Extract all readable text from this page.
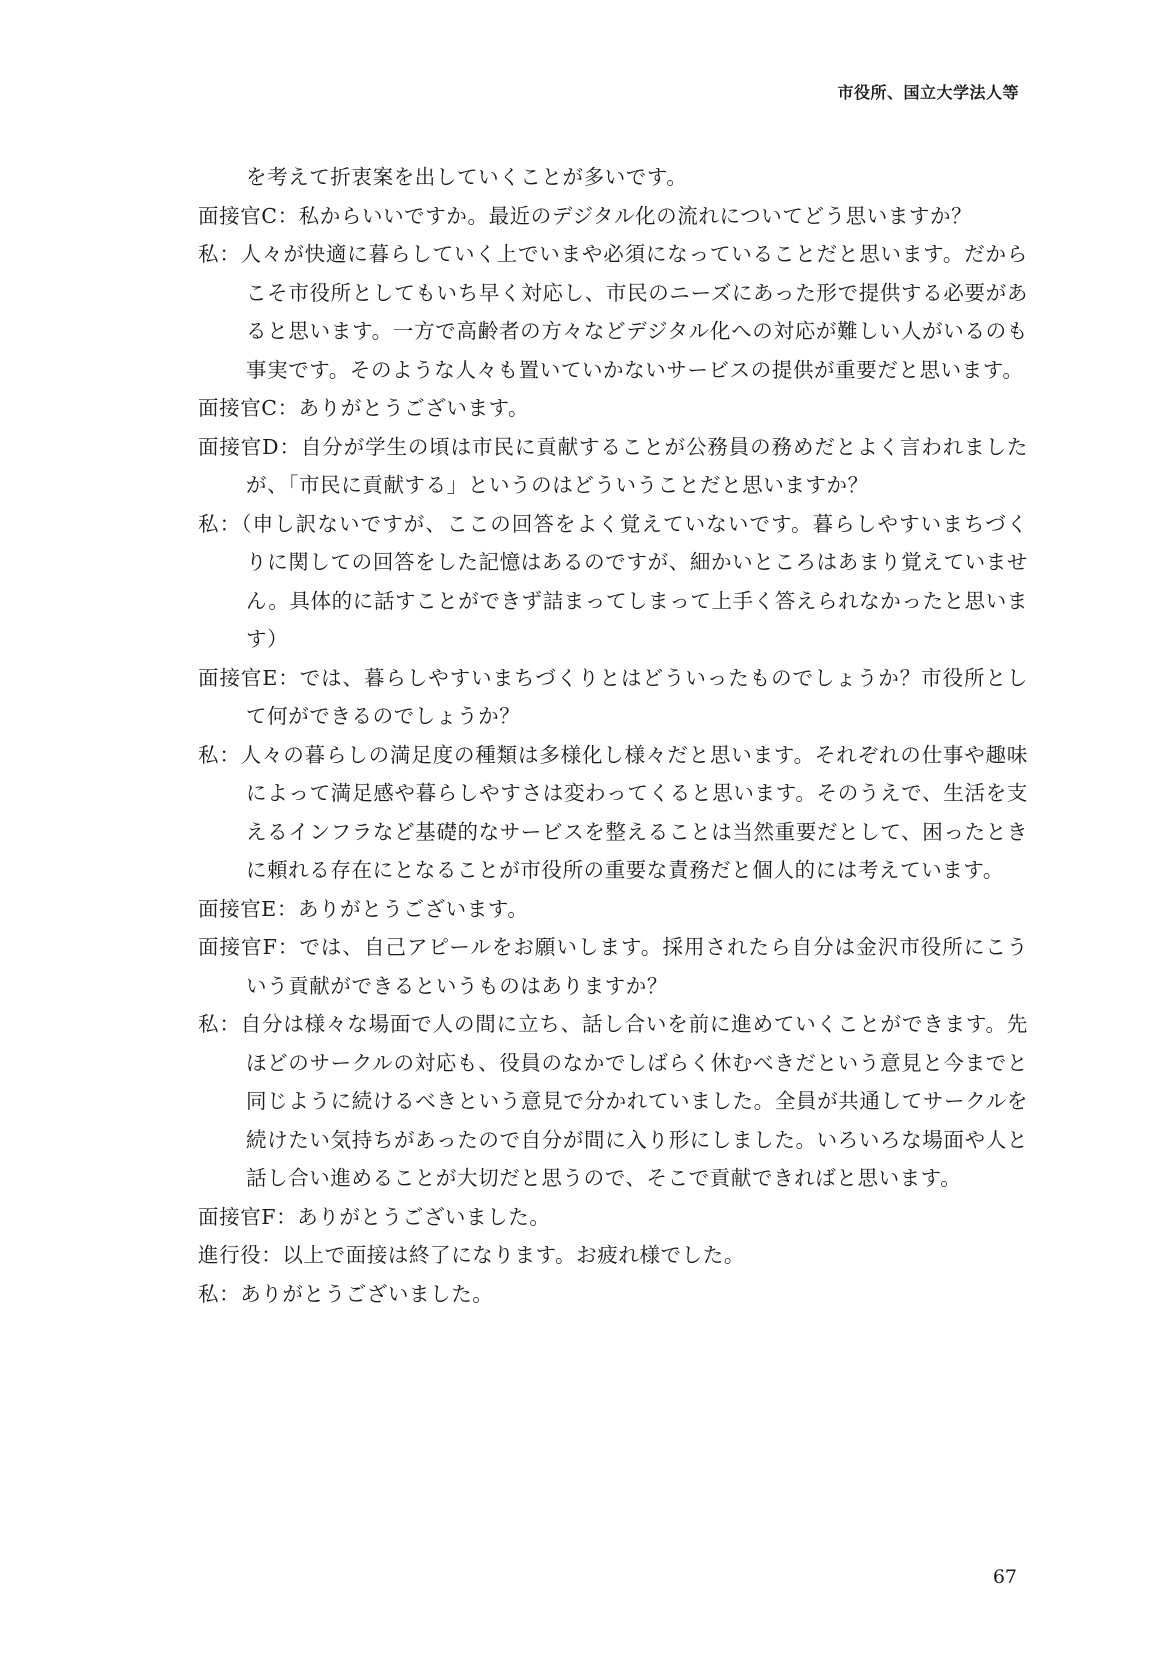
市役所、国立大学法人等

を考えて折衷案を出していくことが多いです。

面接官C：私からいいですか。最近のデジタル化の流れについてどう思いますか？

私：人々が快適に暮らしていく上でいまや必須になっていることだと思います。だからこそ市役所としてもいち早く対応し、市民のニーズにあった形で提供する必要があると思います。一方で高齢者の方々などデジタル化への対応が難しい人がいるのも事実です。そのような人々も置いていかないサービスの提供が重要だと思います。

面接官C：ありがとうございます。

面接官D：自分が学生の頃は市民に貢献することが公務員の務めだとよく言われましたが、「市民に貢献する」というのはどういうことだと思いますか？

私：（申し訳ないですが、ここの回答をよく覚えていないです。暮らしやすいまちづくりに関しての回答をした記憶はあるのですが、細かいところはあまり覚えていません。具体的に話すことができず詰まってしまって上手く答えられなかったと思います）

面接官E：では、暮らしやすいまちづくりとはどういったものでしょうか？市役所として何ができるのでしょうか？

私：人々の暮らしの満足度の種類は多様化し様々だと思います。それぞれの仕事や趣味によって満足感や暮らしやすさは変わってくると思います。そのうえで、生活を支えるインフラなど基礎的なサービスを整えることは当然重要だとして、困ったときに頼れる存在にとなることが市役所の重要な責務だと個人的には考えています。

面接官E：ありがとうございます。

面接官F：では、自己アピールをお願いします。採用されたら自分は金沢市役所にこういう貢献ができるというものはありますか？

私：自分は様々な場面で人の間に立ち、話し合いを前に進めていくことができます。先ほどのサークルの対応も、役員のなかでしばらく休むべきだという意見と今までと同じように続けるべきという意見で分かれていました。全員が共通してサークルを続けたい気持ちがあったので自分が間に入り形にしました。いろいろな場面や人と話し合い進めることが大切だと思うので、そこで貢献できればと思います。

面接官F：ありがとうございました。

進行役：以上で面接は終了になります。お疲れ様でした。

私：ありがとうございました。

67
